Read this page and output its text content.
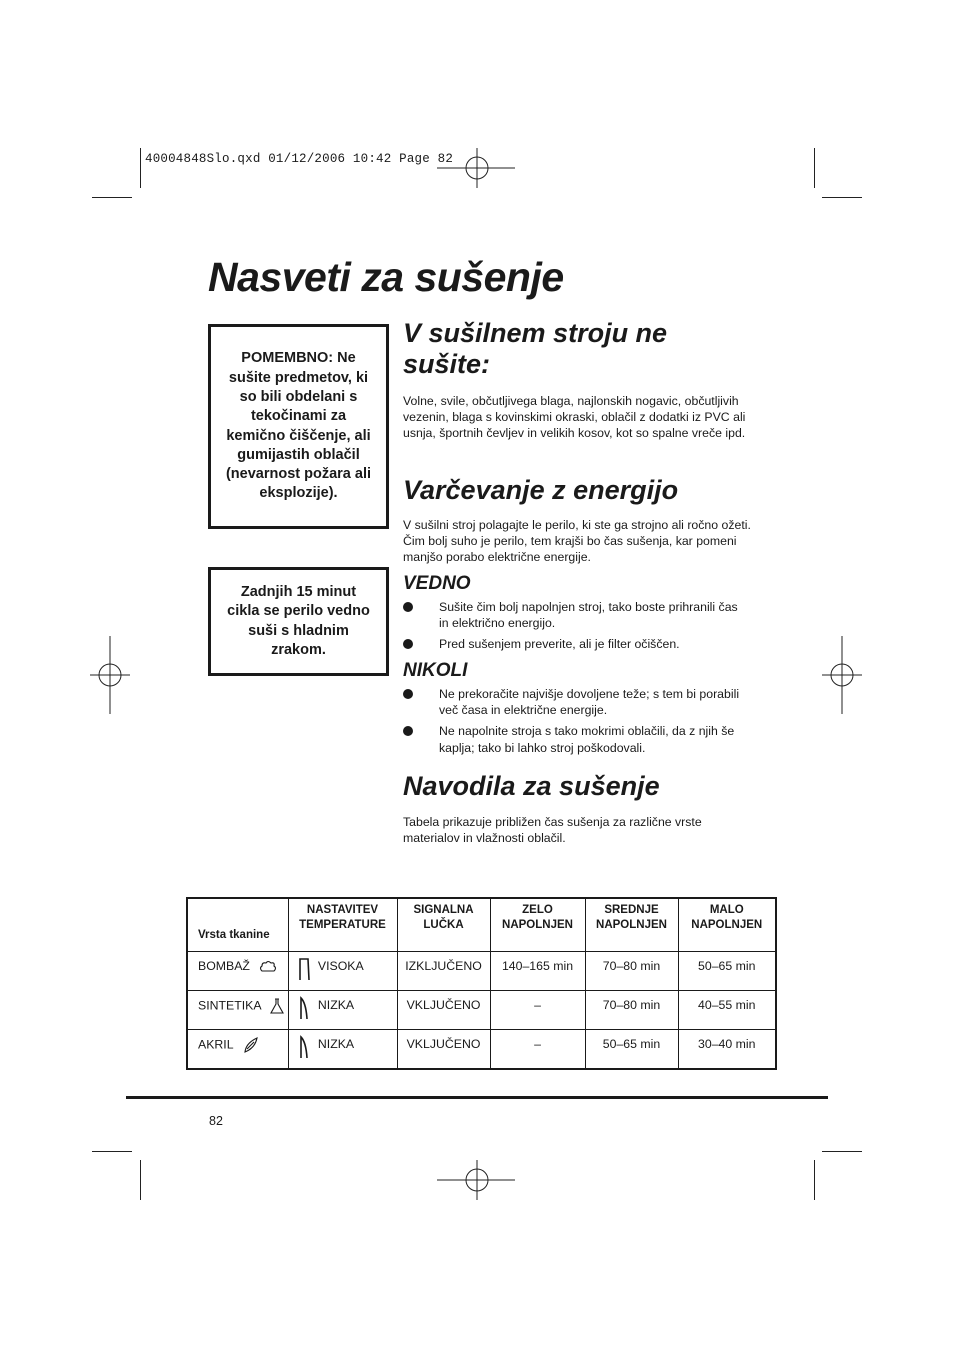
40004848Slo.qxd 01/12/2006 10:42 Page 82
Nasveti za sušenje
POMEMBNO: Ne sušite predmetov, ki so bili obdelani s tekočinami za kemično čiščenje, ali gumijastih oblačil (nevarnost požara ali eksplozije).
Zadnjih 15 minut cikla se perilo vedno suši s hladnim zrakom.
V sušilnem stroju ne sušite:

Volne, svile, občutljivega blaga, najlonskih nogavic, občutljivih vezenin, blaga s kovinskimi okraski, oblačil z dodatki iz PVC ali usnja, športnih čevljev in velikih kosov, kot so spalne vreče ipd.

Varčevanje z energijo

V sušilni stroj polagajte le perilo, ki ste ga strojno ali ročno ožeti. Čim bolj suho je perilo, tem krajši bo čas sušenja, kar pomeni manjšo porabo električne energije.

VEDNO
Sušite čim bolj napolnjen stroj, tako boste prihranili čas in električno energijo.
Pred sušenjem preverite, ali je filter očiščen.
NIKOLI
Ne prekoračite najvišje dovoljene teže; s tem bi porabili več časa in električne energije.
Ne napolnite stroja s tako mokrimi oblačili, da z njih še kaplja; tako bi lahko stroj poškodovali.
Navodila za sušenje

Tabela prikazuje približen čas sušenja za različne vrste materialov in vlažnosti oblačil.

Vrsta tkanine	NASTAVITEV TEMPERATURE	SIGNALNA LUČKA	ZELO NAPOLNJEN	SREDNJE NAPOLNJEN	MALO NAPOLNJEN
BOMBAŽ	VISOKA	IZKLJUČENO	140–165 min	70–80 min	50–65 min
SINTETIKA	NIZKA	VKLJUČENO	–	70–80 min	40–55 min
AKRIL	NIZKA	VKLJUČENO	–	50–65 min	30–40 min
82
